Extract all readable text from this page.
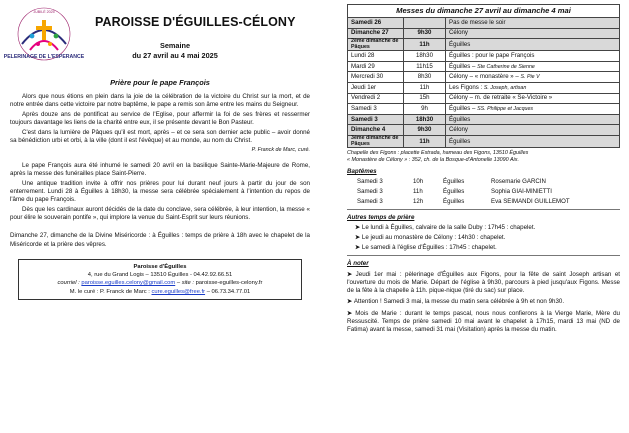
PELERINAGE DE L'ESPERANCE
JUBILÉ 2025
PAROISSE D'ÉGUILLES-CÉLONY
Semaine
du 27 avril au 4 mai 2025
Prière pour le pape François

Alors que nous étions en plein dans la joie de la célébration de la victoire du Christ sur la mort, et de notre entrée dans cette victoire par notre baptême, le pape a remis son âme entre les mains du Seigneur.

Après douze ans de pontificat au service de l'Eglise, pour affermir la foi de ses frères et ressermer toujours davantage les liens de la charité entre eux, il se présente devant le Bon Pasteur.

C'est dans la lumière de Pâques qu'il est mort, après – et ce sera son dernier acte public – avoir donné sa bénédiction urbi et orbi, à la ville (dont il est l'évêque) et au monde, au nom du Christ.

P. Franck de Marc, curé.

Le pape François aura été inhumé le samedi 20 avril en la basilique Sainte-Marie-Majeure de Rome, après la messe des funérailles place Saint-Pierre.

Une antique tradition invite à offrir nos prières pour lui durant neuf jours à partir du jour de son enterrement. Lundi 28 à Éguilles à 18h30, la messe sera célébrée spécialement à l'intention du repos de l'âme du pape François.

Dès que les cardinaux auront décidés de la date du conclave, sera célébrée, à leur intention, la messe « pour élire le souverain pontife », qui implore la venue du Saint-Esprit sur leurs réunions.

Dimanche 27, dimanche de la Divine Miséricorde : à Éguilles : temps de prière à 18h avec le chapelet de la Miséricorde et la prière des vêpres.

Paroisse d'Éguilles
4, rue du Grand Logis – 13510 Éguilles - 04.42.92.66.51
courriel : paroisse.eguilles.celony@gmail.com – site : paroisse-eguilles-celony.fr
M. le curé : P. Franck de Marc : cure.eguilles@free.fr – 06.73.34.77.01
Messes du dimanche 27 avril au dimanche 4 mai		
Samedi 26		Pas de messe le soir
Dimanche 27	9h30	Célony

2ème dimanche de Pâques	11h	Éguilles
Lundi 28	18h30	Éguilles : pour le pape François
Mardi 29	11h15	Éguilles – Ste Catherine de Sienne
Mercredi 30	8h30	Célony – « monastère » – S. Pie V
Jeudi 1er	11h	Les Figons : S. Joseph, artisan
Vendredi 2	15h	Célony – m. de retraite « Se-Victoire »
Samedi 3	9h	Éguilles – SS. Philippe et Jacques
Samedi 3	18h30	Éguilles
Dimanche 4	9h30	Célony

3ème dimanche de Pâques	11h	Éguilles
Chapelle des Figons : placette Estrada, hameau des Figons, 13510 Éguilles
« Monastère de Célony » : 352, ch. de la Bosque-d'Antonelle 13090 Aix.
Baptêmes
Samedi 3	10h	Éguilles	Rosemarie GARCIN
Samedi 3	11h	Éguilles	Sophia GIAI-MINIETTI
Samedi 3	12h	Éguilles	Eva SEIMANDI GUILLEMOT
Autres temps de prière
➤ Le lundi à Éguilles, calvaire de la salle Duby : 17h45 : chapelet.
➤ Le jeudi au monastère de Célony : 14h30 : chapelet.
➤ Le samedi à l'église d'Éguilles : 17h45 : chapelet.
À noter

➤ Jeudi 1er mai : pèlerinage d'Éguilles aux Figons, pour la fête de saint Joseph artisan et l'ouverture du mois de Marie. Départ de l'église à 9h30, parcours à pied jusqu'aux Figons. Messe de la fête à la chapelle à 11h. pique-nique (tiré du sac) sur place.

➤ Attention ! Samedi 3 mai, la messe du matin sera célébrée à 9h et non 9h30.

➤ Mois de Marie : durant le temps pascal, nous nous confierons à la Vierge Marie, Mère du Ressuscité. Temps de prière samedi 10 mai avant le chapelet à 17h15, mardi 13 mai (ND de Fatima) avant la messe, samedi 31 mai (Visitation) après la messe du matin.
